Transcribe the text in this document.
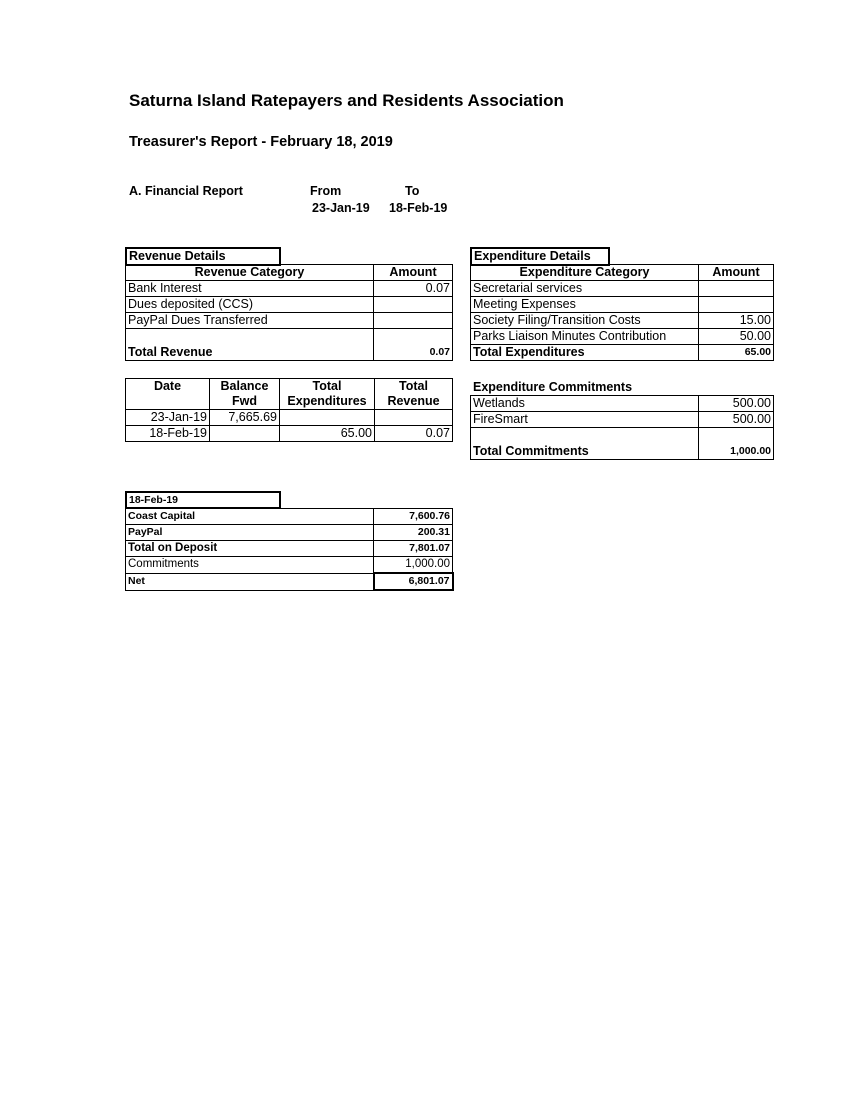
Saturna Island Ratepayers and Residents Association
Treasurer's Report - February 18, 2019
A. Financial Report	From	To
23-Jan-19 18-Feb-19
Revenue Details
Revenue Category	Amount
Bank Interest	0.07
Dues deposited (CCS)	
PayPal Dues Transferred	
Total Revenue	0.07
Expenditure Details
Expenditure Category	Amount
Secretarial services	
Meeting Expenses	
Society Filing/Transition Costs	15.00
Parks Liaison Minutes Contribution	50.00
Total Expenditures	65.00
Date	Balance	Total	Total
	Fwd	Expenditures	Revenue
23-Jan-19	7,665.69		
18-Feb-19		65.00	0.07
Expenditure Commitments
Wetlands	500.00
FireSmart	500.00
Total Commitments	1,000.00
18-Feb-19
Coast Capital	7,600.76
PayPal	200.31
Total on Deposit	7,801.07
Commitments	1,000.00
Net	6,801.07
